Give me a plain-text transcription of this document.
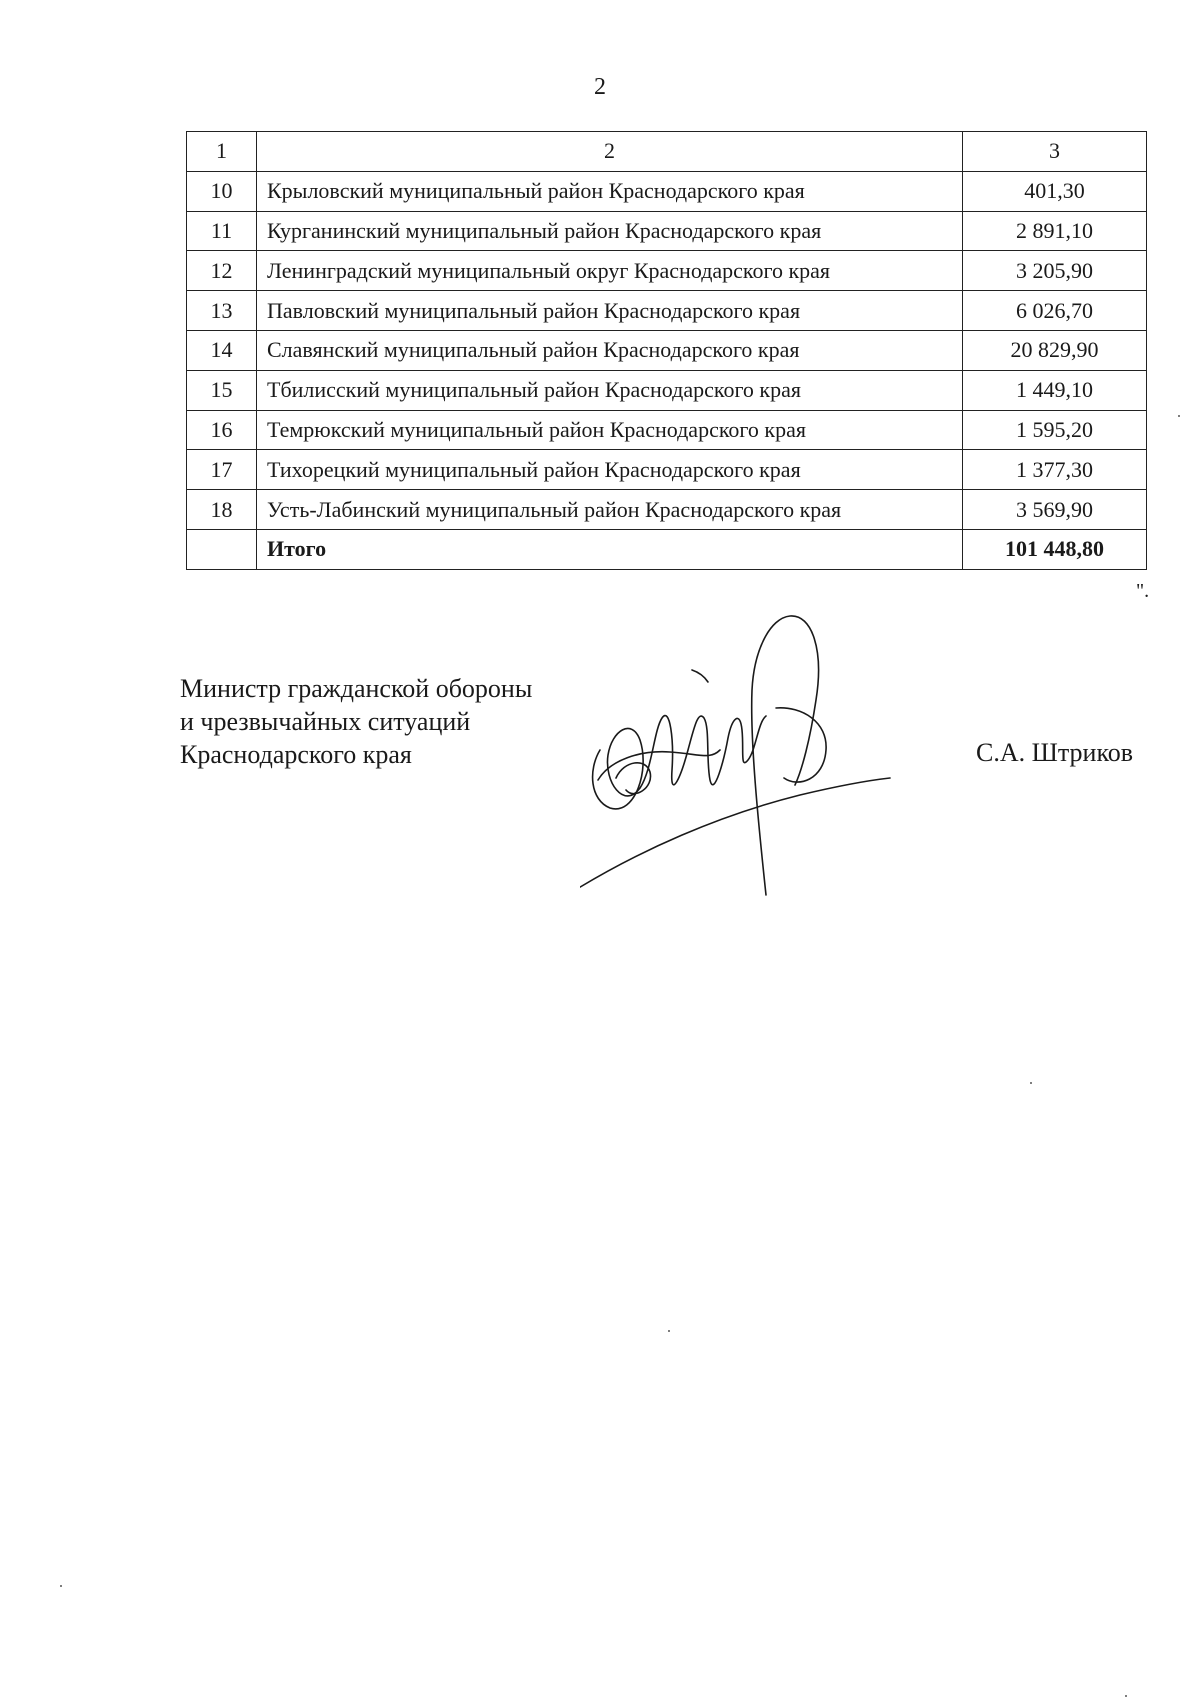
2
1	2	3
10	Крыловский муниципальный район Краснодарского края	401,30
11	Курганинский муниципальный район Краснодарского края	2 891,10
12	Ленинградский муниципальный округ Краснодарского края	3 205,90
13	Павловский муниципальный район Краснодарского края	6 026,70
14	Славянский муниципальный район Краснодарского края	20 829,90
15	Тбилисский муниципальный район Краснодарского края	1 449,10
16	Темрюкский муниципальный район Краснодарского края	1 595,20
17	Тихорецкий муниципальный район Краснодарского края	1 377,30
18	Усть-Лабинский муниципальный район Краснодарского края	3 569,90
	Итого	101 448,80
".
Министр гражданской обороны
и чрезвычайных ситуаций
Краснодарского края	С.А. Штриков
